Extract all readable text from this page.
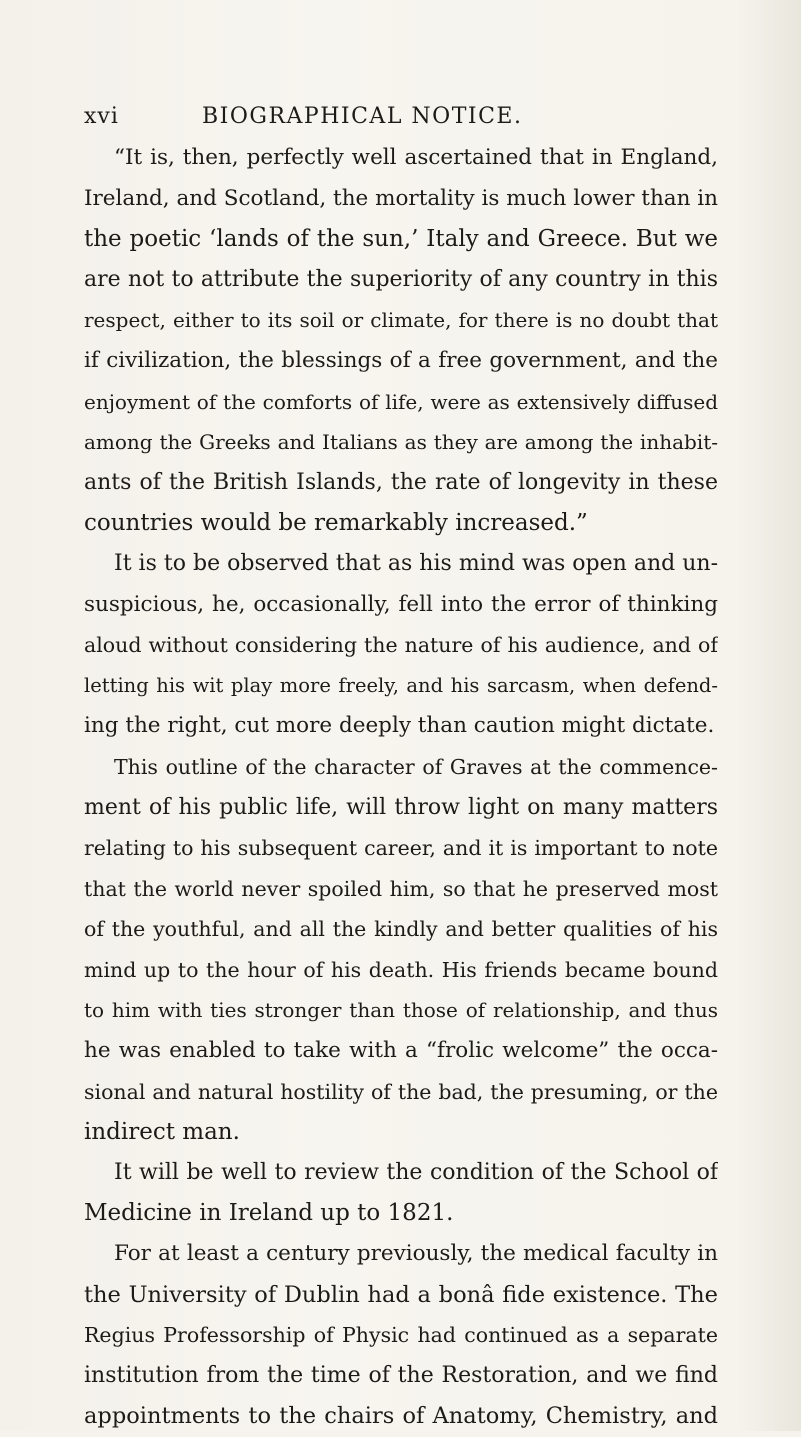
xvi	BIOGRAPHICAL NOTICE.
“It is, then, perfectly well ascertained that in England,
Ireland, and Scotland, the mortality is much lower than in
the poetic ‘lands of the sun,’ Italy and Greece. But we
are not to attribute the superiority of any country in this
respect, either to its soil or climate, for there is no doubt that
if civilization, the blessings of a free government, and the
enjoyment of the comforts of life, were as extensively diffused
among the Greeks and Italians as they are among the inhabit-
ants of the British Islands, the rate of longevity in these
countries would be remarkably increased.”
It is to be observed that as his mind was open and un-
suspicious, he, occasionally, fell into the error of thinking
aloud without considering the nature of his audience, and of
letting his wit play more freely, and his sarcasm, when defend-
ing the right, cut more deeply than caution might dictate.
This outline of the character of Graves at the commence-
ment of his public life, will throw light on many matters
relating to his subsequent career, and it is important to note
that the world never spoiled him, so that he preserved most
of the youthful, and all the kindly and better qualities of his
mind up to the hour of his death. His friends became bound
to him with ties stronger than those of relationship, and thus
he was enabled to take with a “frolic welcome” the occa-
sional and natural hostility of the bad, the presuming, or the
indirect man.
It will be well to review the condition of the School of
Medicine in Ireland up to 1821.
For at least a century previously, the medical faculty in
the University of Dublin had a bonâ fide existence. The
Regius Professorship of Physic had continued as a separate
institution from the time of the Restoration, and we find
appointments to the chairs of Anatomy, Chemistry, and
